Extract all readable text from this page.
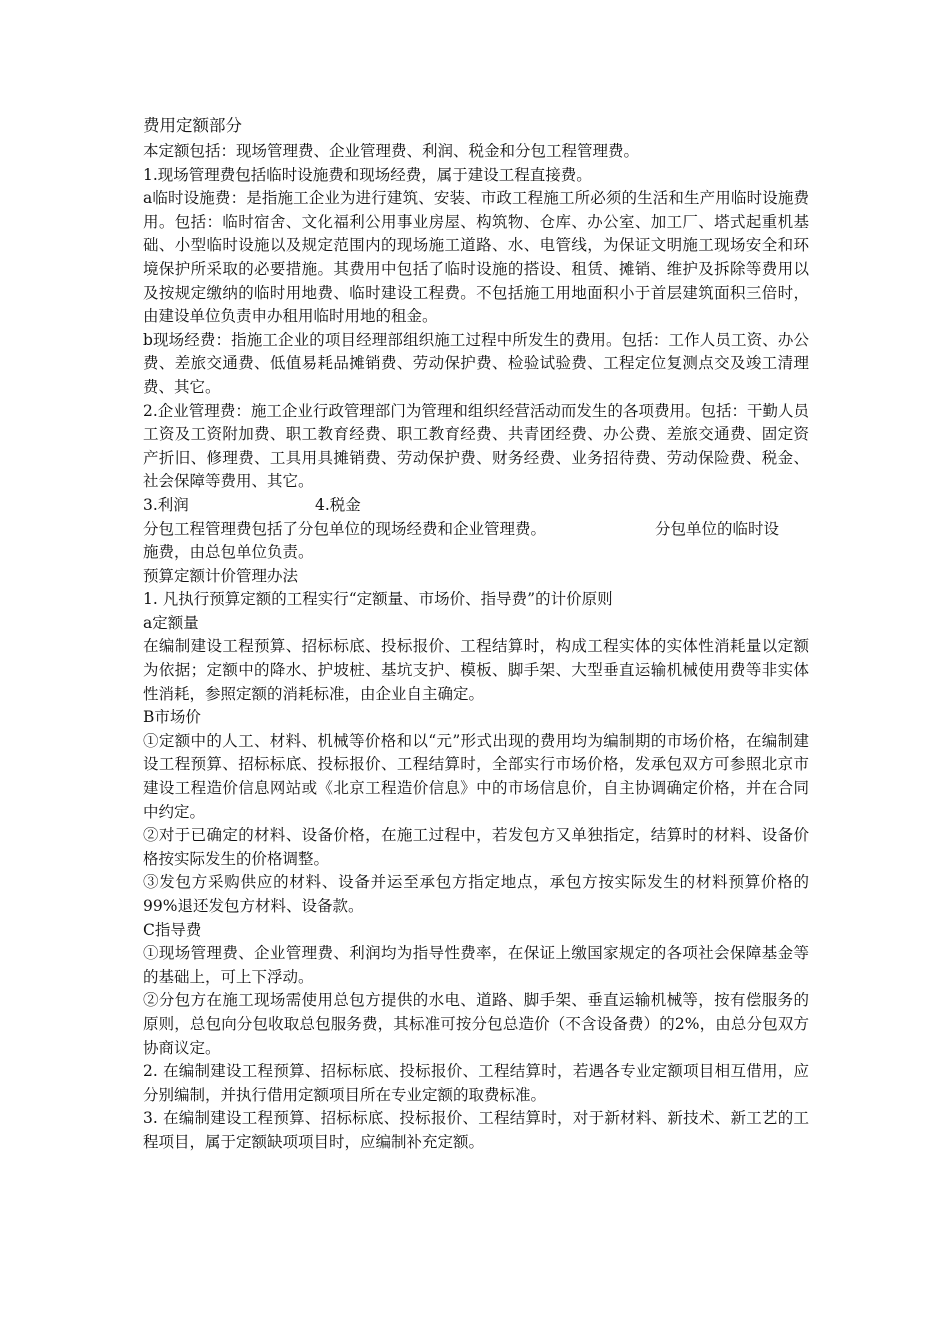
费用定额部分

本定额包括：现场管理费、企业管理费、利润、税金和分包工程管理费。

1.现场管理费包括临时设施费和现场经费，属于建设工程直接费。

a临时设施费：是指施工企业为进行建筑、安装、市政工程施工所必须的生活和生产用临时设施费用。包括：临时宿舍、文化福利公用事业房屋、构筑物、仓库、办公室、加工厂、塔式起重机基础、小型临时设施以及规定范围内的现场施工道路、水、电管线，为保证文明施工现场安全和环境保护所采取的必要措施。其费用中包括了临时设施的搭设、租赁、摊销、维护及拆除等费用以及按规定缴纳的临时用地费、临时建设工程费。不包括施工用地面积小于首层建筑面积三倍时，由建设单位负责申办租用临时用地的租金。

b现场经费：指施工企业的项目经理部组织施工过程中所发生的费用。包括：工作人员工资、办公费、差旅交通费、低值易耗品摊销费、劳动保护费、检验试验费、工程定位复测点交及竣工清理费、其它。

2.企业管理费：施工企业行政管理部门为管理和组织经营活动而发生的各项费用。包括：干勤人员工资及工资附加费、职工教育经费、职工教育经费、共青团经费、办公费、差旅交通费、固定资产折旧、修理费、工具用具摊销费、劳动保护费、财务经费、业务招待费、劳动保险费、税金、社会保障等费用、其它。

3.利润	4.税金
分包工程管理费包括了分包单位的现场经费和企业管理费。	分包单位的临时设

施费，由总包单位负责。

预算定额计价管理办法

1. 凡执行预算定额的工程实行“定额量、市场价、指导费”的计价原则

a定额量

在编制建设工程预算、招标标底、投标报价、工程结算时，构成工程实体的实体性消耗量以定额为依据；定额中的降水、护坡桩、基坑支护、模板、脚手架、大型垂直运输机械使用费等非实体性消耗，参照定额的消耗标准，由企业自主确定。

B市场价

①定额中的人工、材料、机械等价格和以“元”形式出现的费用均为编制期的市场价格，在编制建设工程预算、招标标底、投标报价、工程结算时，全部实行市场价格，发承包双方可参照北京市建设工程造价信息网站或《北京工程造价信息》中的市场信息价，自主协调确定价格，并在合同中约定。

②对于已确定的材料、设备价格，在施工过程中，若发包方又单独指定，结算时的材料、设备价格按实际发生的价格调整。

③发包方采购供应的材料、设备并运至承包方指定地点，承包方按实际发生的材料预算价格的99%退还发包方材料、设备款。

C指导费

①现场管理费、企业管理费、利润均为指导性费率，在保证上缴国家规定的各项社会保障基金等的基础上，可上下浮动。

②分包方在施工现场需使用总包方提供的水电、道路、脚手架、垂直运输机械等，按有偿服务的原则，总包向分包收取总包服务费，其标准可按分包总造价（不含设备费）的2%，由总分包双方协商议定。

2. 在编制建设工程预算、招标标底、投标报价、工程结算时，若遇各专业定额项目相互借用，应分别编制，并执行借用定额项目所在专业定额的取费标准。

3. 在编制建设工程预算、招标标底、投标报价、工程结算时，对于新材料、新技术、新工艺的工程项目，属于定额缺项项目时，应编制补充定额。
